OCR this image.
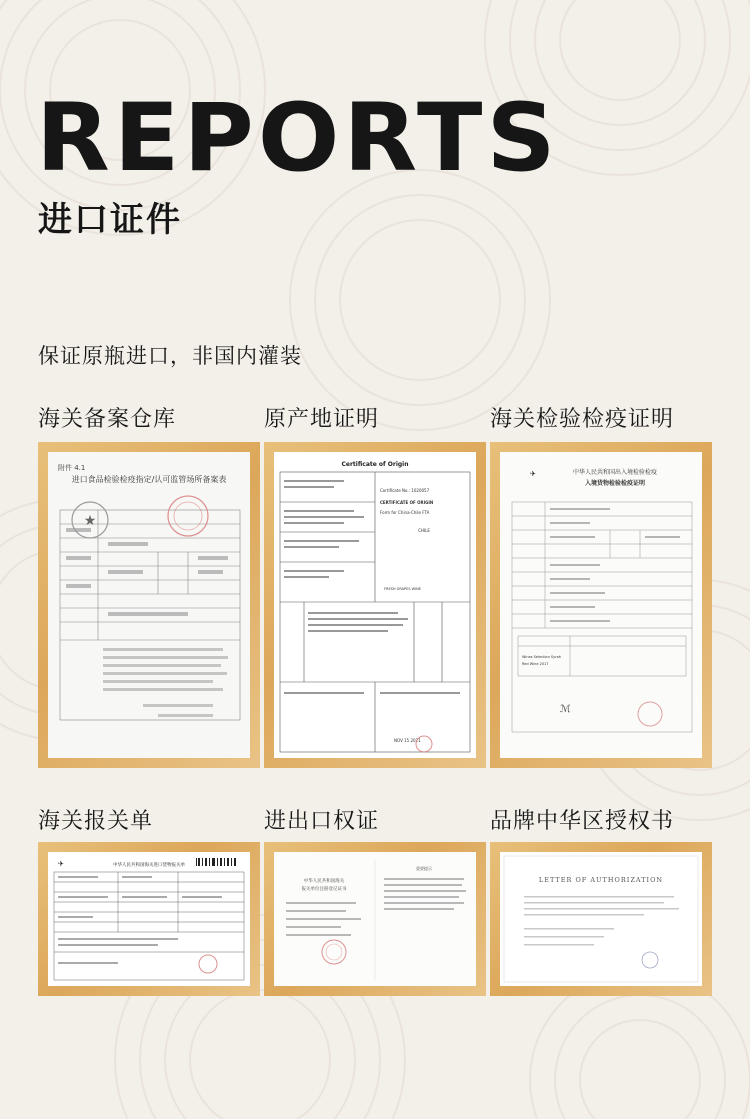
REPORTS
进口证件

保证原瓶进口，非国内灌装

海关备案仓库	原产地证明	海关检验检疫证明

附件 4.1
进口食品检验检疫指定/认可监管场所备案表
★
Certificate of Origin
Certificate No.: 1020057
CERTIFICATE OF ORIGIN
Form for China-Chile FTA
CHILE
FRESH GRAPES WINE
NOV 15 2021
✈	中华人民共和国出入境检验检疫
入境货物检验检疫证明
Wines Selection Syrah
Red Wine 2017
ℳ

海关报关单	进出口权证	品牌中华区授权书

✈	中华人民共和国海关进口货物报关单
中华人民共和国海关
报关单位注册登记证书
重要提示
LETTER OF AUTHORIZATION
